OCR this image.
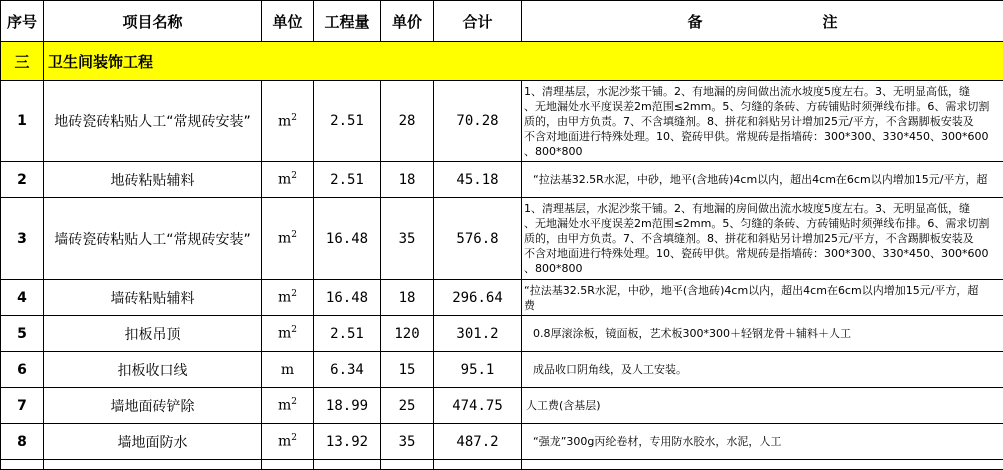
序号	项目名称	单位	工程量	单价	合计	备　　　　　　　　注
三	卫生间装饰工程					
1	地砖瓷砖粘贴人工“常规砖安装”	$m^2$	2.51	28	70.28	1、清理基层，水泥沙浆干铺。2、有地漏的房间做出流水坡度5度左右。3、无明显高低，缝
、无地漏处水平度误差2m范围≤2mm。5、匀缝的条砖、方砖铺贴时须弹线布排。6、需求切割
质的，由甲方负责。7、不含填缝剂。8、拼花和斜贴另计增加25元/平方，不含踢脚板安装及
不含对地面进行特殊处理。10、瓷砖甲供。常规砖是指墙砖：300*300、330*450、300*600
、800*800

2	地砖粘贴辅料	$m^2$	2.51	18	45.18	“拉法基32.5R水泥，中砂，地平(含地砖)4cm以内，超出4cm在6cm以内增加15元/平方，超

3	墙砖瓷砖粘贴人工“常规砖安装”	$m^2$	16.48	35	576.8	1、清理基层，水泥沙浆干铺。2、有地漏的房间做出流水坡度5度左右。3、无明显高低，缝
、无地漏处水平度误差2m范围≤2mm。5、匀缝的条砖、方砖铺贴时须弹线布排。6、需求切割
质的，由甲方负责。7、不含填缝剂。8、拼花和斜贴另计增加25元/平方，不含踢脚板安装及
不含对地面进行特殊处理。10、瓷砖甲供。常规砖是指墙砖：300*300、330*450、300*600
、800*800

4	墙砖粘贴辅料	$m^2$	16.48	18	296.64	“拉法基32.5R水泥，中砂，地平(含地砖)4cm以内，超出4cm在6cm以内增加15元/平方，超
费

5	扣板吊顶	$m^2$	2.51	120	301.2	0.8厚滚涂板，镜面板，艺术板300*300＋轻钢龙骨＋辅料＋人工

6	扣板收口线	m	6.34	15	95.1	成品收口阴角线，及人工安装。

7	墙地面砖铲除	$m^2$	18.99	25	474.75	人工费(含基层)

8	墙地面防水	$m^2$	13.92	35	487.2	“强龙”300g丙纶卷材，专用防水胶水，水泥，人工
